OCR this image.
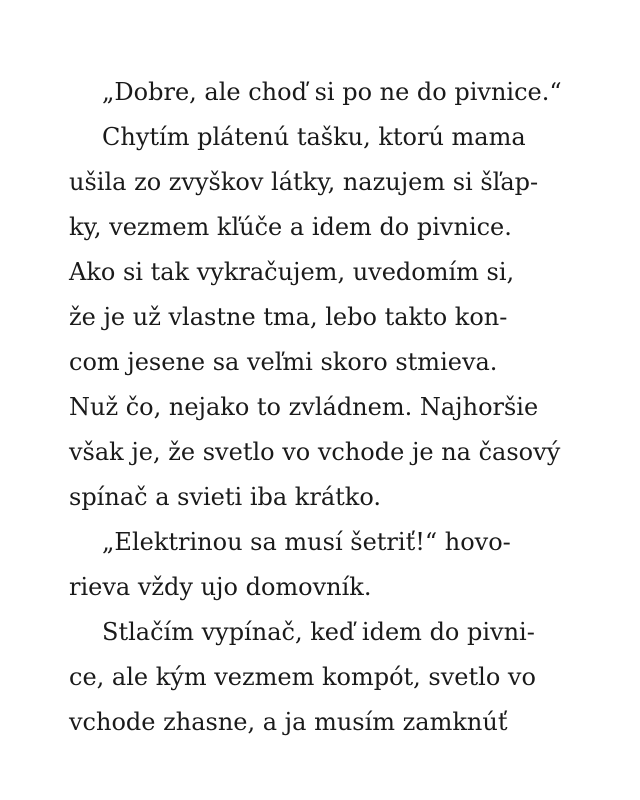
„Dobre, ale choď si po ne do pivnice.“
Chytím plátenú tašku, ktorú mama
ušila zo zvyškov látky, nazujem si šľap-
ky, vezmem kľúče a idem do pivnice.
Ako si tak vykračujem, uvedomím si,
že je už vlastne tma, lebo takto kon-
com jesene sa veľmi skoro stmieva.
Nuž čo, nejako to zvládnem. Najhoršie
však je, že svetlo vo vchode je na časový
spínač a svieti iba krátko.
„Elektrinou sa musí šetriť!“ hovo-
rieva vždy ujo domovník.
Stlačím vypínač, keď idem do pivni-
ce, ale kým vezmem kompót, svetlo vo
vchode zhasne, a ja musím zamknúť
